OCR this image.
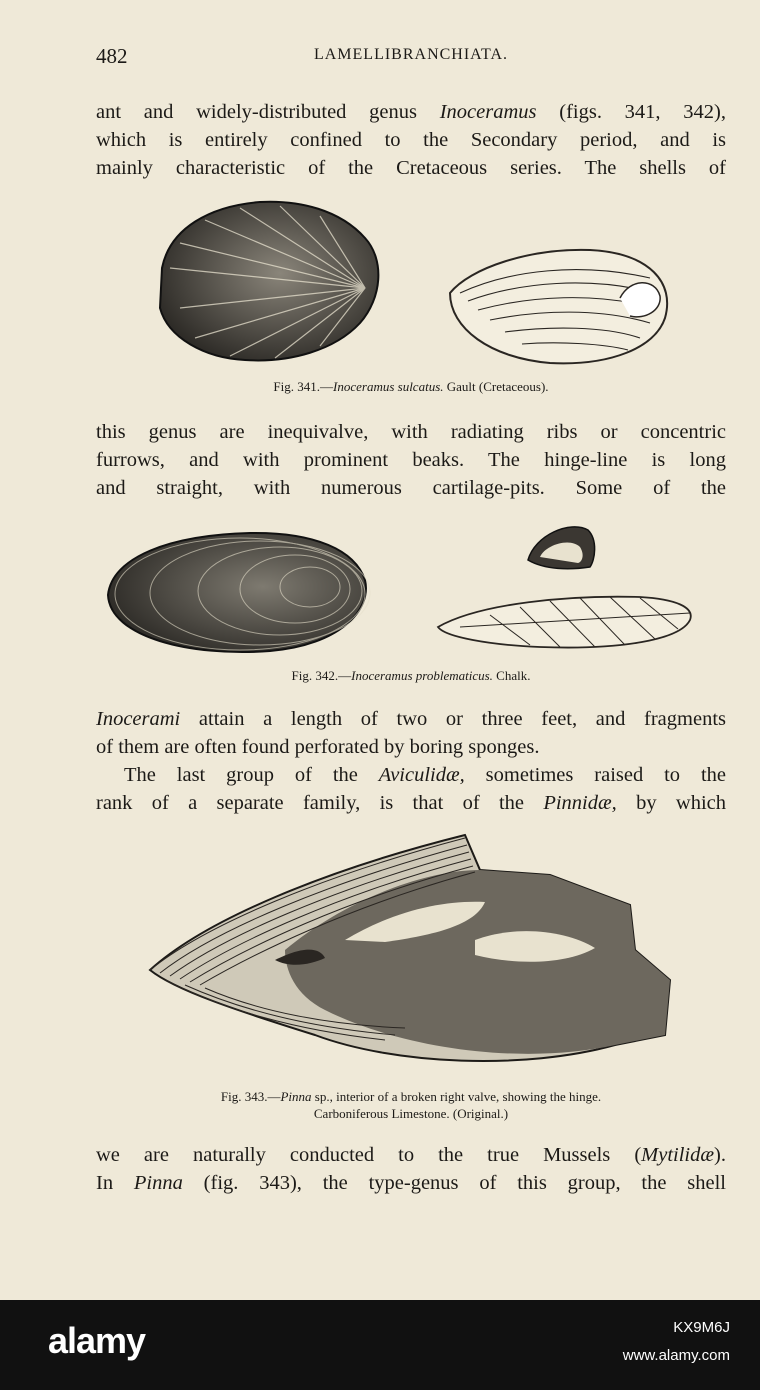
482	LAMELLIBRANCHIATA.
ant and widely-distributed genus Inoceramus (figs. 341, 342),
which is entirely confined to the Secondary period, and is
mainly characteristic of the Cretaceous series. The shells of
Fig. 341.—Inoceramus sulcatus. Gault (Cretaceous).
this genus are inequivalve, with radiating ribs or concentric
furrows, and with prominent beaks. The hinge-line is long
and straight, with numerous cartilage-pits. Some of the
Fig. 342.—Inoceramus problematicus. Chalk.
Inocerami attain a length of two or three feet, and fragments
of them are often found perforated by boring sponges.
The last group of the Aviculidæ, sometimes raised to the
rank of a separate family, is that of the Pinnidæ, by which
Fig. 343.—Pinna sp., interior of a broken right valve, showing the hinge.
Carboniferous Limestone. (Original.)
we are naturally conducted to the true Mussels (Mytilidæ).
In Pinna (fig. 343), the type-genus of this group, the shell
alamy	KX9M6J
www.alamy.com
